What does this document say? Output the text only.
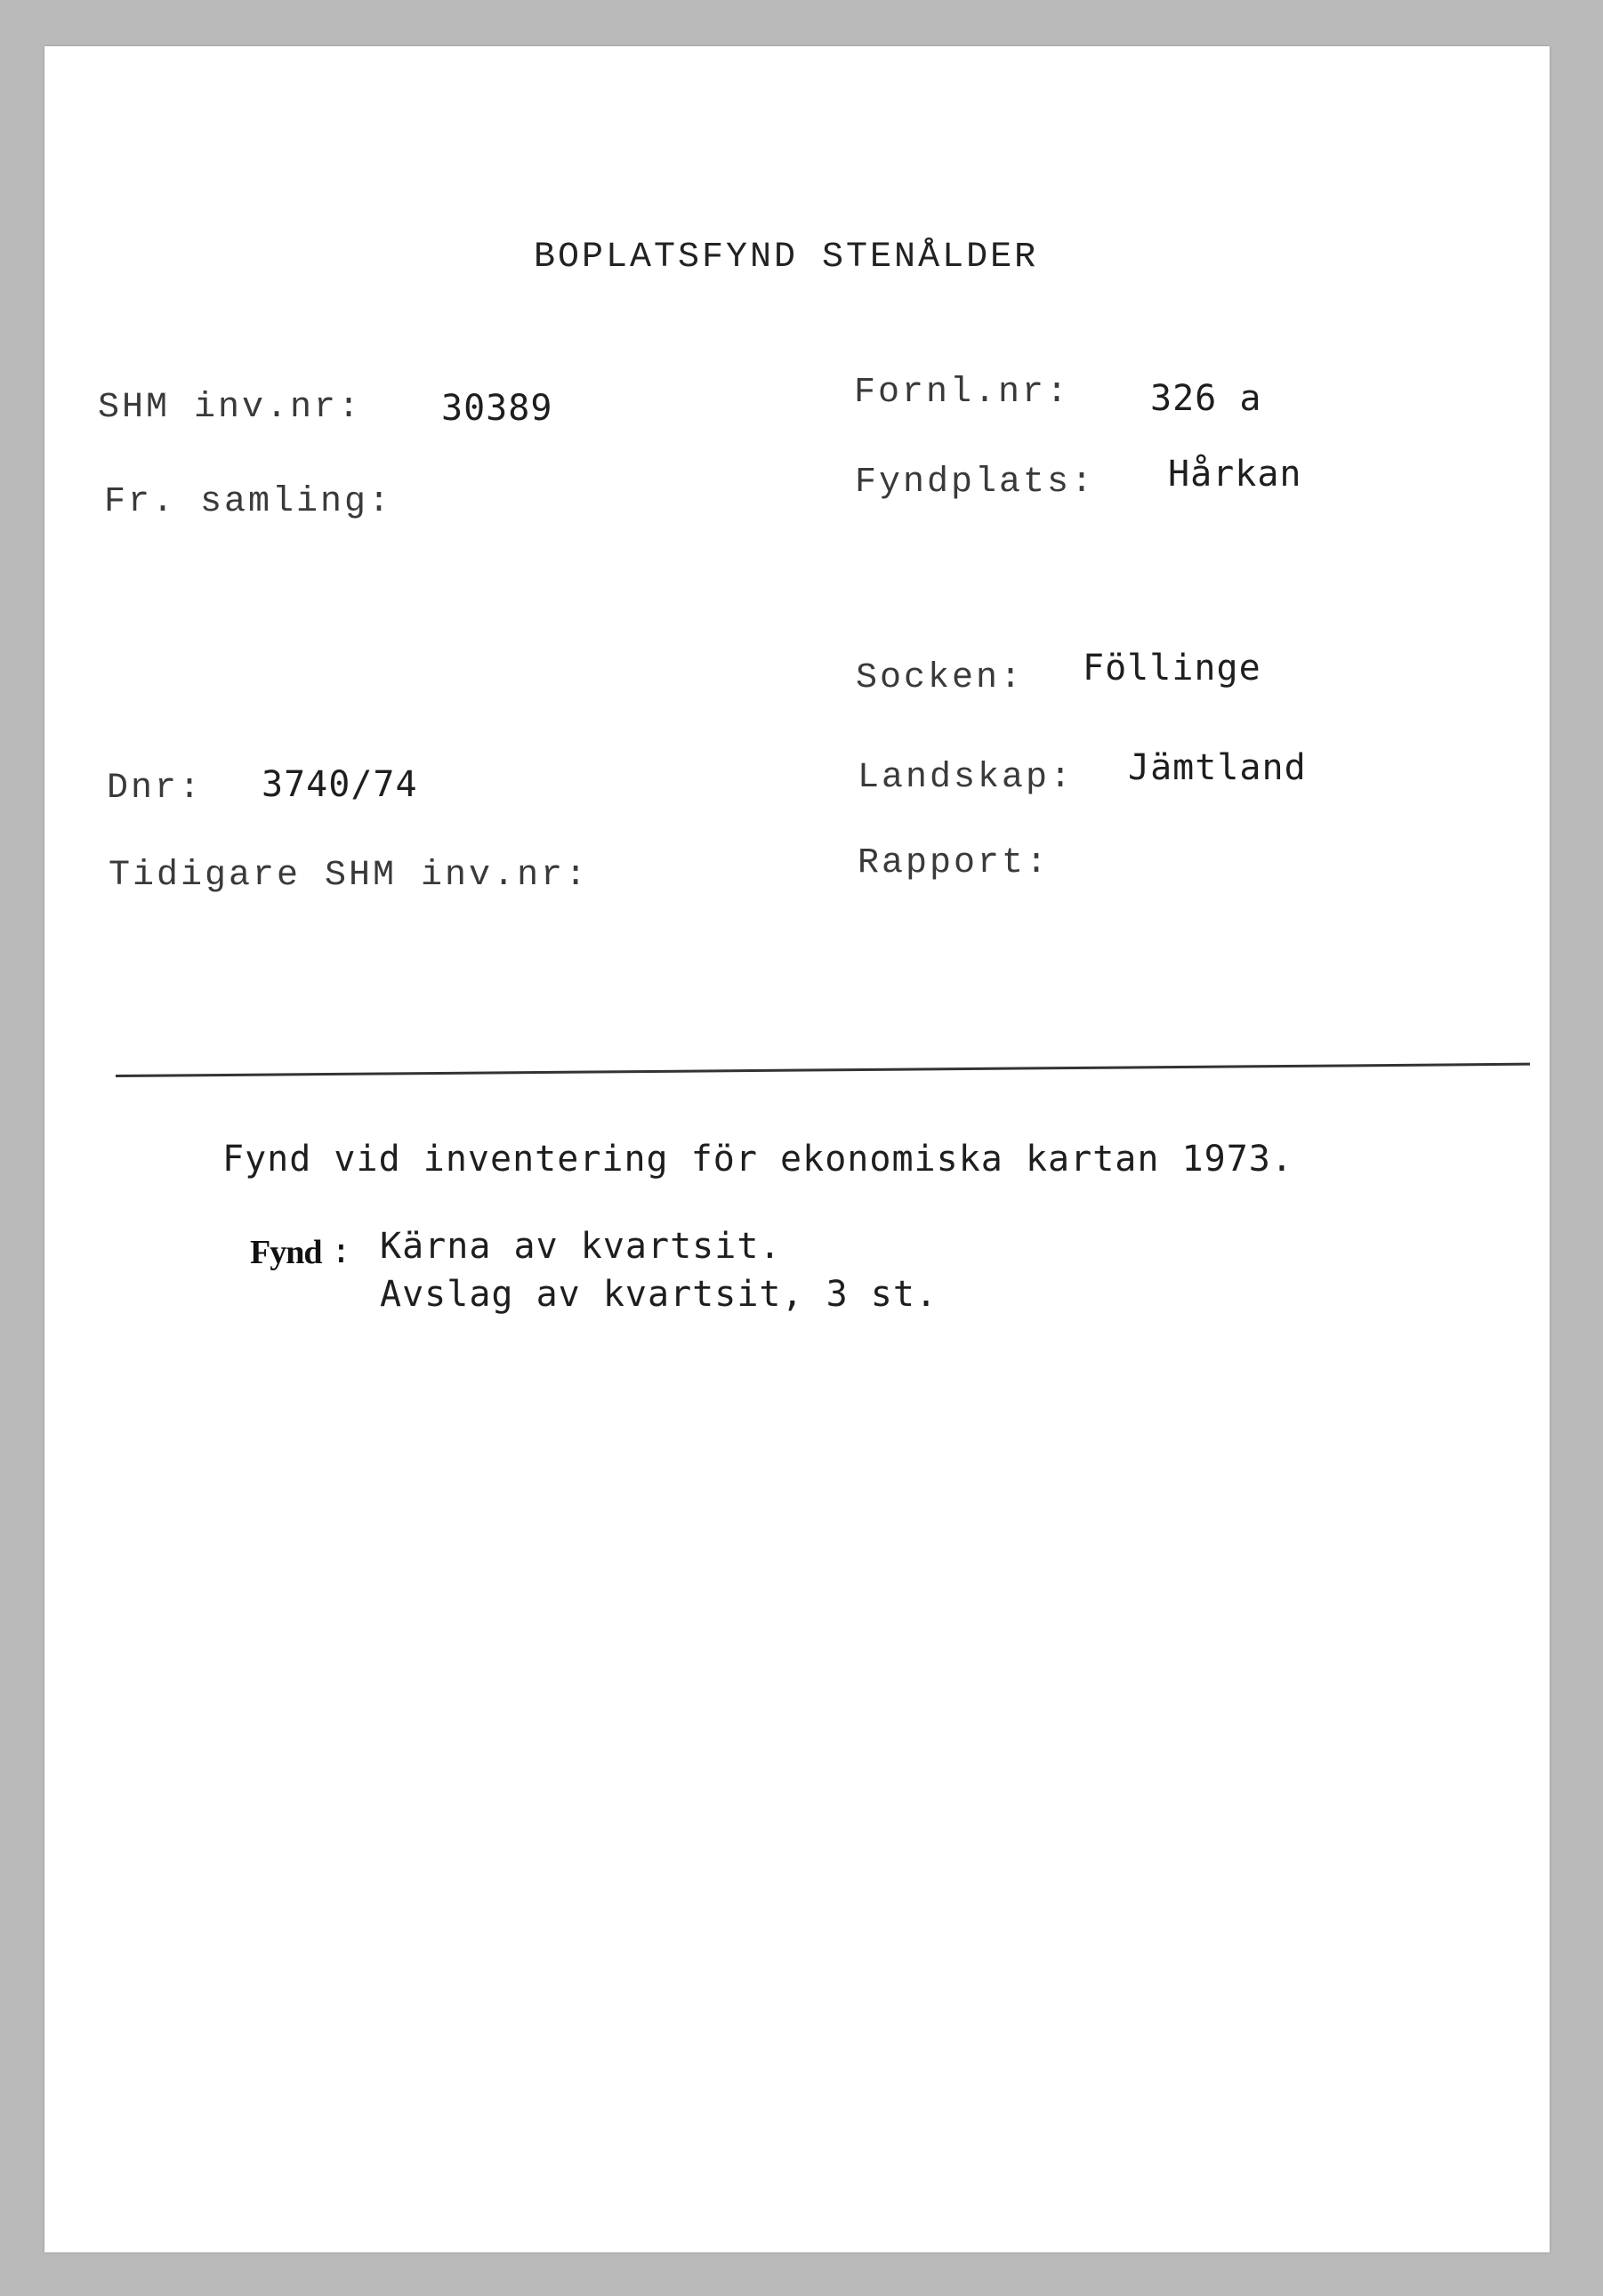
BOPLATSFYND STENÅLDER
SHM inv.nr: 30389
Fr. samling:
Dnr: 3740/74
Tidigare SHM inv.nr:
Fornl.nr: 326 a
Fyndplats: Hårkan
Socken: Föllinge
Landskap: Jämtland
Rapport:
Fynd vid inventering för ekonomiska kartan 1973.
Fynd : Kärna av kvartsit.
Avslag av kvartsit, 3 st.
